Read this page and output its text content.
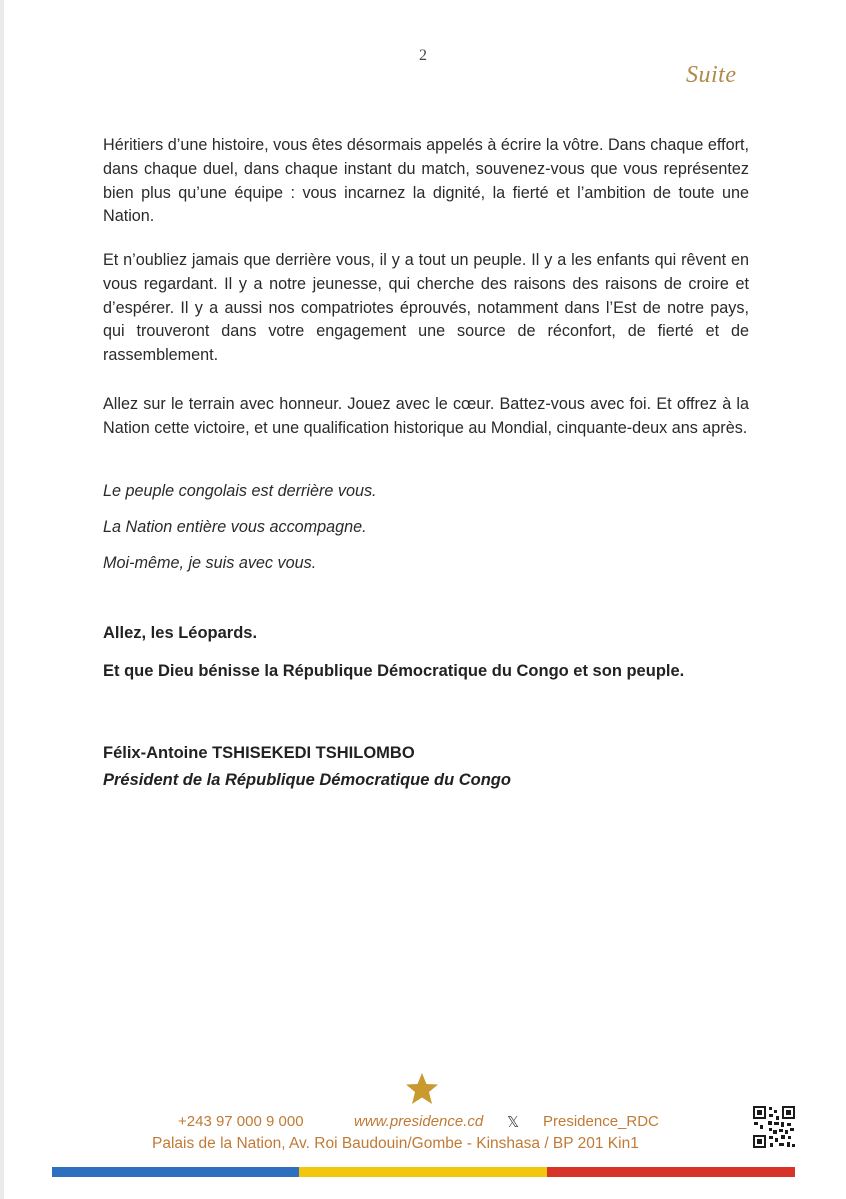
2
Suite

Héritiers d’une histoire, vous êtes désormais appelés à écrire la vôtre. Dans chaque effort, dans chaque duel, dans chaque instant du match, souvenez-vous que vous représentez bien plus qu’une équipe : vous incarnez la dignité, la fierté et l’ambition de toute une Nation.

Et n’oubliez jamais que derrière vous, il y a tout un peuple. Il y a les enfants qui rêvent en vous regardant. Il y a notre jeunesse, qui cherche des raisons des raisons de croire et d’espérer. Il y a aussi nos compatriotes éprouvés, notamment dans l’Est de notre pays, qui trouveront dans votre engagement une source de réconfort, de fierté et de rassemblement.

Allez sur le terrain avec honneur. Jouez avec le cœur. Battez-vous avec foi. Et offrez à la Nation cette victoire, et une qualification historique au Mondial, cinquante-deux ans après.

Le peuple congolais est derrière vous.

La Nation entière vous accompagne.

Moi-même, je suis avec vous.

Allez, les Léopards.

Et que Dieu bénisse la République Démocratique du Congo et son peuple.

Félix-Antoine TSHISEKEDI TSHILOMBO

Président de la République Démocratique du Congo

+243 97 000 9 000	www.presidence.cd 𝕏 Presidence_RDC
Palais de la Nation, Av. Roi Baudouin/Gombe - Kinshasa / BP 201 Kin1
